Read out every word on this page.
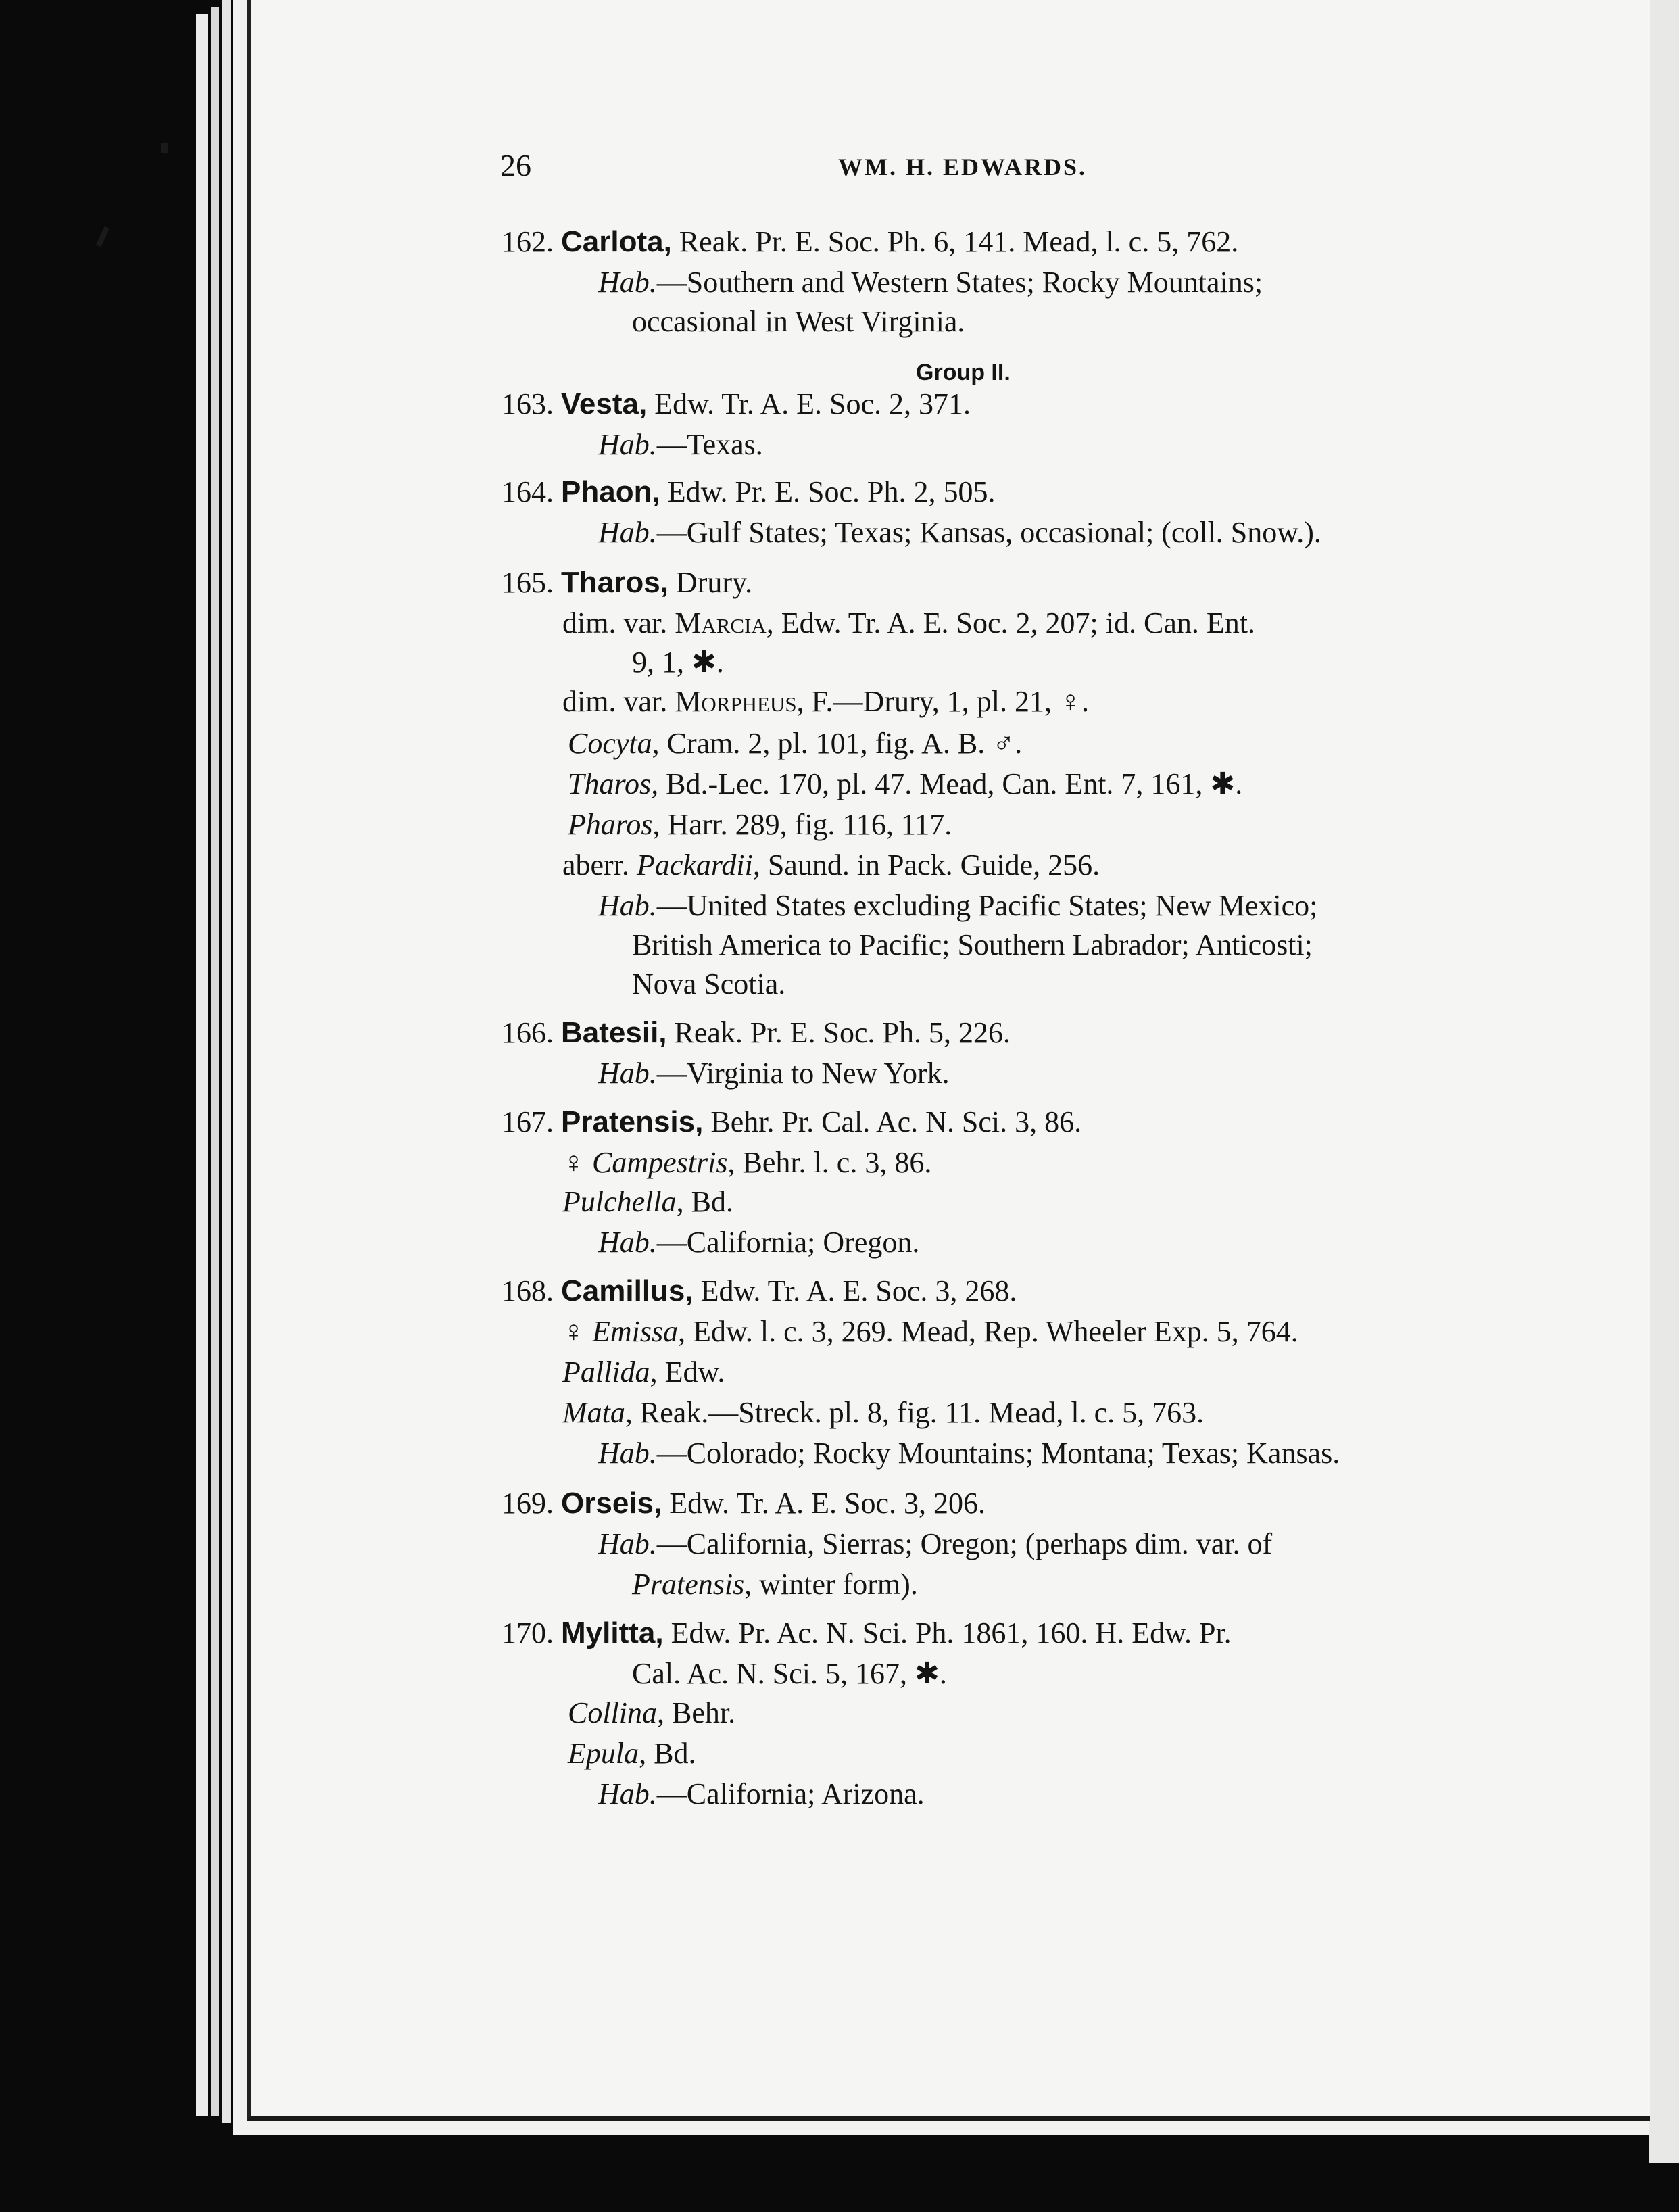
26	WM. H. EDWARDS.
Group II.
162. Carlota, Reak. Pr. E. Soc. Ph. 6, 141. Mead, l. c. 5, 762.
Hab.—Southern and Western States; Rocky Mountains;
occasional in West Virginia.
163. Vesta, Edw. Tr. A. E. Soc. 2, 371.
Hab.—Texas.
164. Phaon, Edw. Pr. E. Soc. Ph. 2, 505.
Hab.—Gulf States; Texas; Kansas, occasional; (coll. Snow.).
165. Tharos, Drury.
dim. var. Marcia, Edw. Tr. A. E. Soc. 2, 207; id. Can. Ent.
9, 1, ✱.
dim. var. Morpheus, F.—Drury, 1, pl. 21, ♀.
Cocyta, Cram. 2, pl. 101, fig. A. B. ♂.
Tharos, Bd.-Lec. 170, pl. 47. Mead, Can. Ent. 7, 161, ✱.
Pharos, Harr. 289, fig. 116, 117.
aberr. Packardii, Saund. in Pack. Guide, 256.
Hab.—United States excluding Pacific States; New Mexico;
British America to Pacific; Southern Labrador; Anticosti;
Nova Scotia.
166. Batesii, Reak. Pr. E. Soc. Ph. 5, 226.
Hab.—Virginia to New York.
167. Pratensis, Behr. Pr. Cal. Ac. N. Sci. 3, 86.
♀ Campestris, Behr. l. c. 3, 86.
Pulchella, Bd.
Hab.—California; Oregon.
168. Camillus, Edw. Tr. A. E. Soc. 3, 268.
♀ Emissa, Edw. l. c. 3, 269. Mead, Rep. Wheeler Exp. 5, 764.
Pallida, Edw.
Mata, Reak.—Streck. pl. 8, fig. 11. Mead, l. c. 5, 763.
Hab.—Colorado; Rocky Mountains; Montana; Texas; Kansas.
169. Orseis, Edw. Tr. A. E. Soc. 3, 206.
Hab.—California, Sierras; Oregon; (perhaps dim. var. of
Pratensis, winter form).
170. Mylitta, Edw. Pr. Ac. N. Sci. Ph. 1861, 160. H. Edw. Pr.
Cal. Ac. N. Sci. 5, 167, ✱.
Collina, Behr.
Epula, Bd.
Hab.—California; Arizona.
